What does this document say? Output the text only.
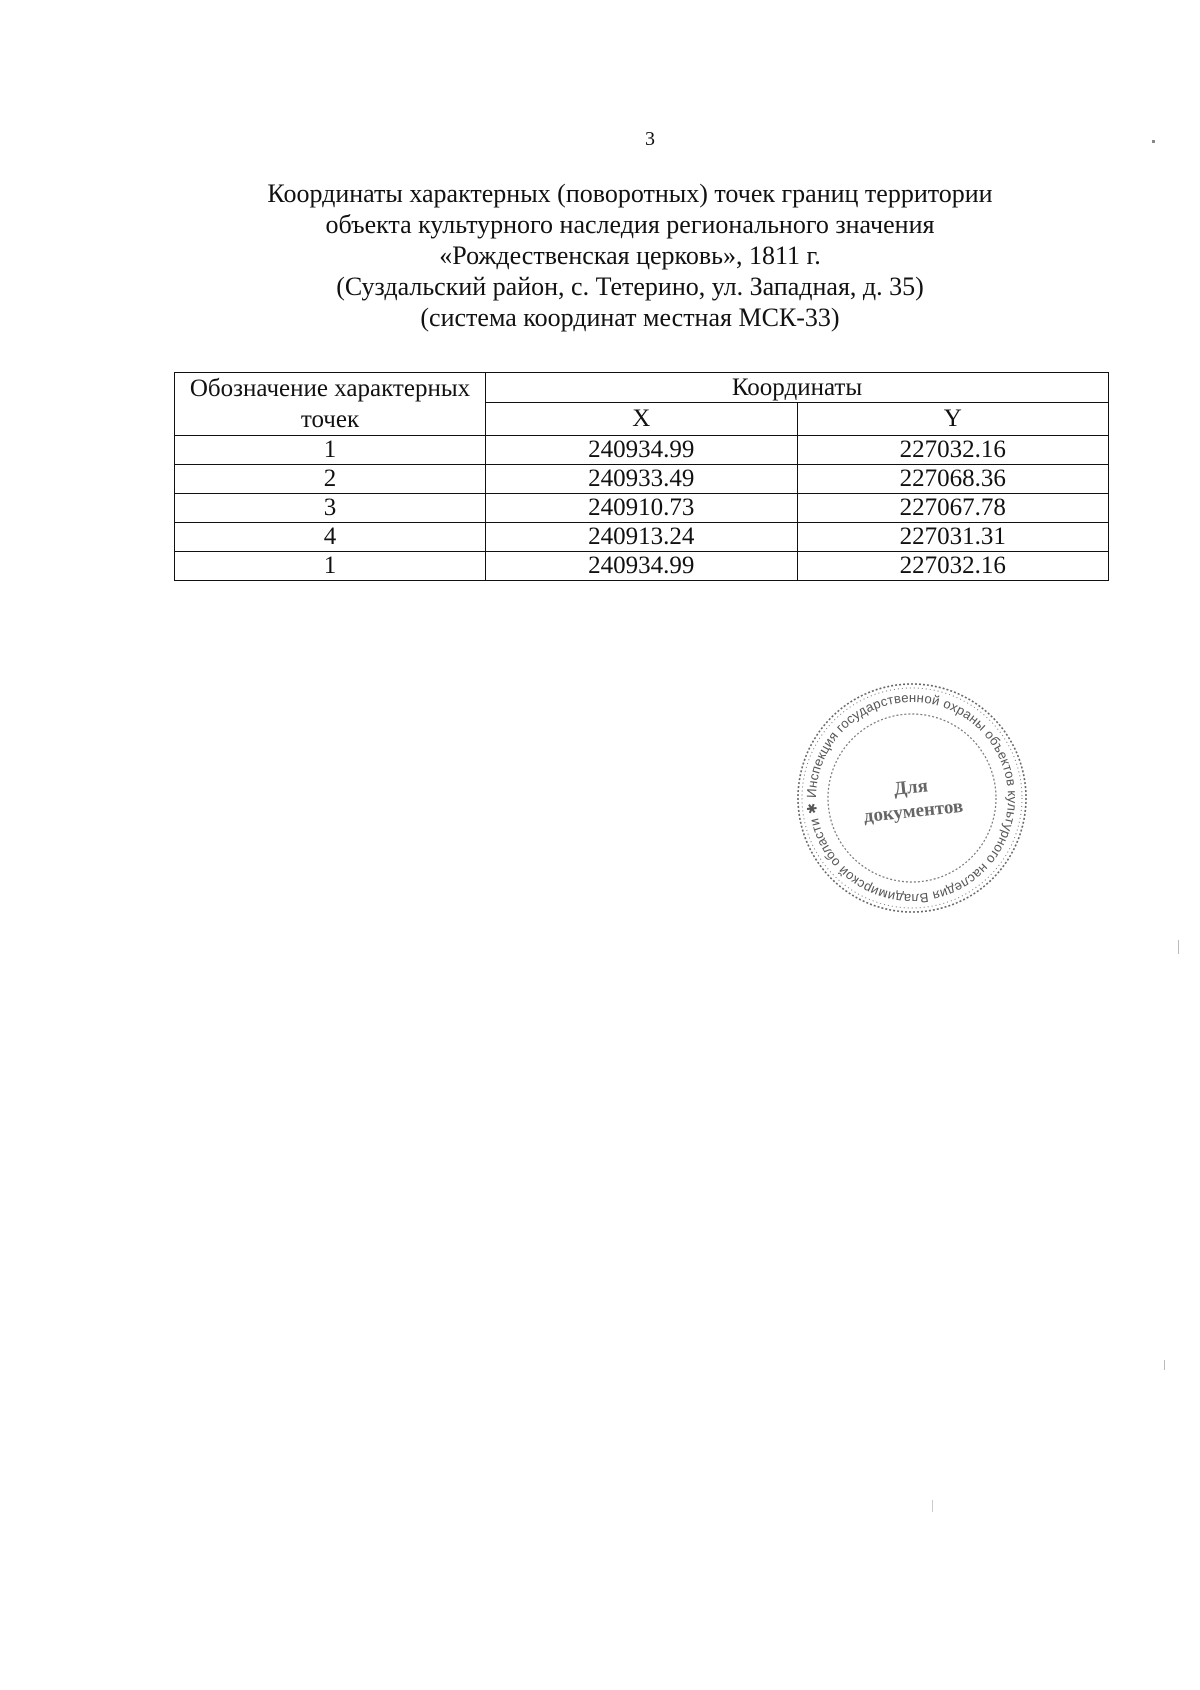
3
Координаты характерных (поворотных) точек границ территории
объекта культурного наследия регионального значения
«Рождественская церковь», 1811 г.
(Суздальский район, с. Тетерино, ул. Западная, д. 35)
(система координат местная МСК-33)
Обозначение характерных точек	Координаты	
	X	Y
1	240934.99	227032.16
2	240933.49	227068.36
3	240910.73	227067.78
4	240913.24	227031.31
1	240934.99	227032.16
Инспекция государственной охраны объектов культурного наследия Владимирской области ✱
Для
документов
